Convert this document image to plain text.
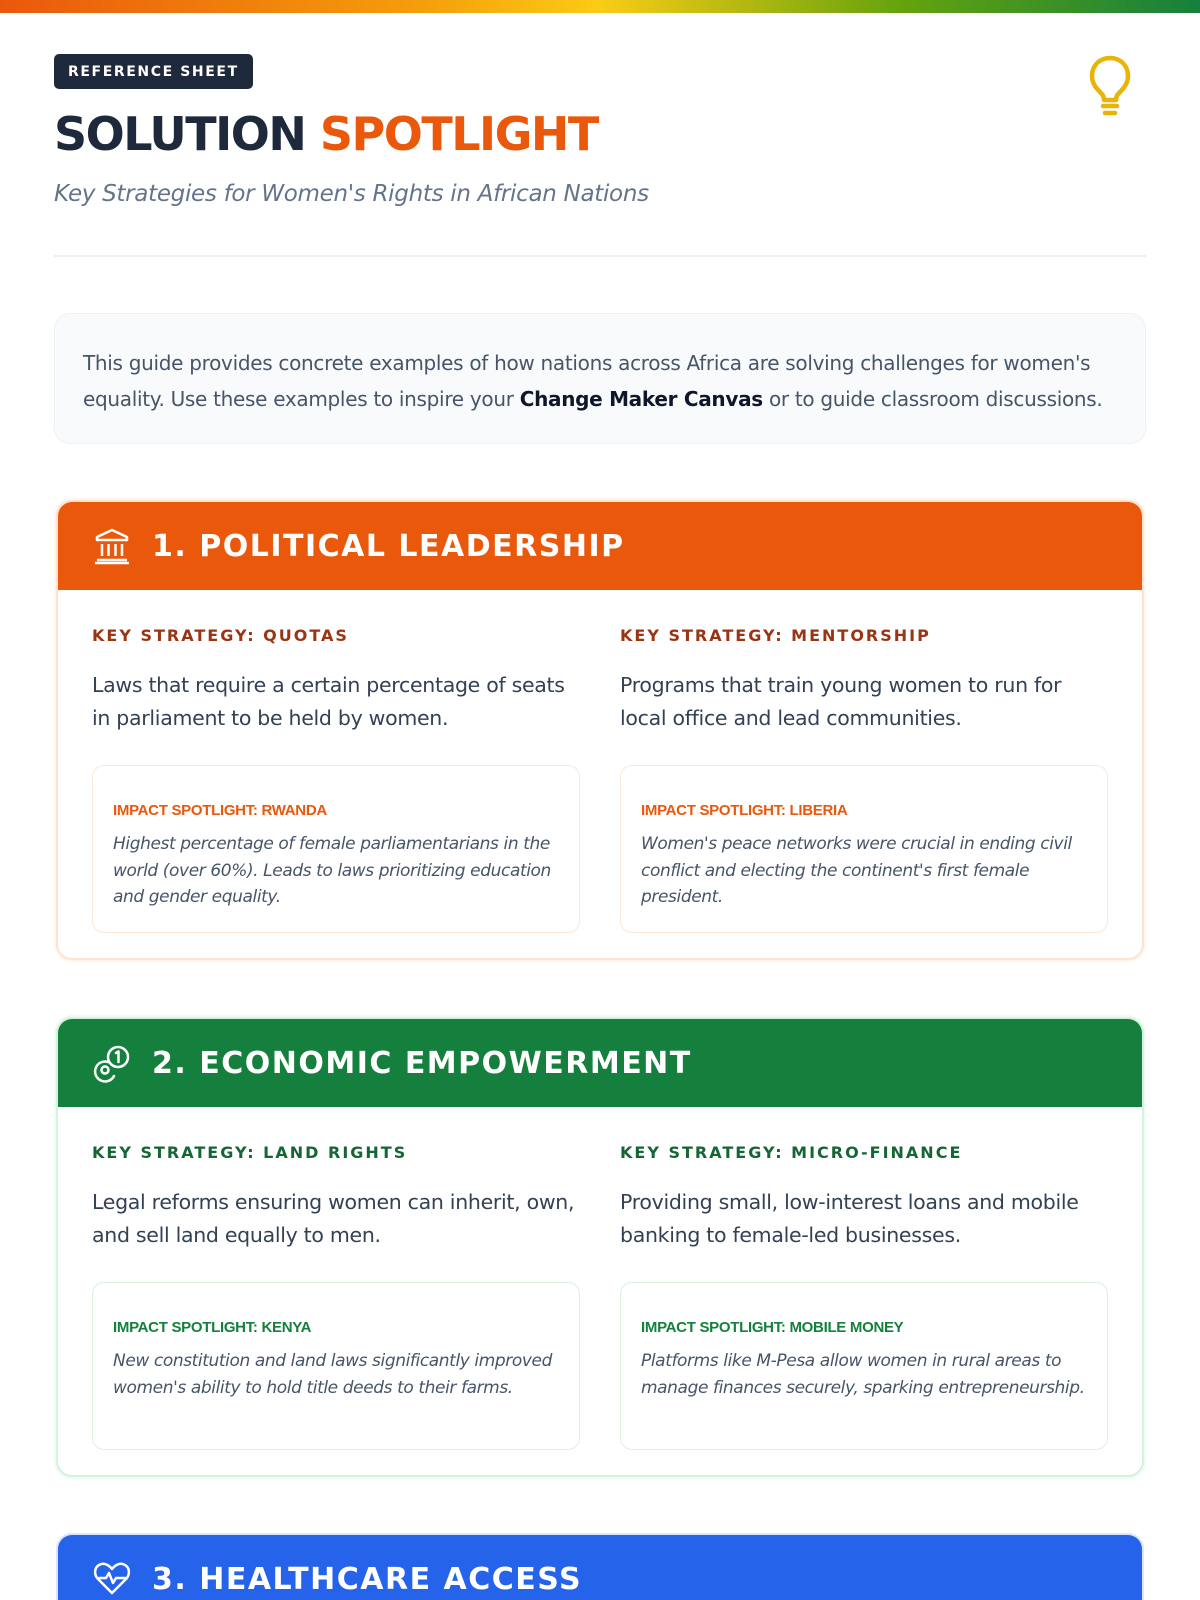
REFERENCE SHEET
SOLUTION SPOTLIGHT
Key Strategies for Women's Rights in African Nations
This guide provides concrete examples of how nations across Africa are solving challenges for women's equality. Use these examples to inspire your Change Maker Canvas or to guide classroom discussions.
1. POLITICAL LEADERSHIP
KEY STRATEGY: QUOTAS
Laws that require a certain percentage of seats in parliament to be held by women.
IMPACT SPOTLIGHT: RWANDA
Highest percentage of female parliamentarians in the world (over 60%). Leads to laws prioritizing education and gender equality.
KEY STRATEGY: MENTORSHIP
Programs that train young women to run for local office and lead communities.
IMPACT SPOTLIGHT: LIBERIA
Women's peace networks were crucial in ending civil conflict and electing the continent's first female president.
2. ECONOMIC EMPOWERMENT
KEY STRATEGY: LAND RIGHTS
Legal reforms ensuring women can inherit, own, and sell land equally to men.
IMPACT SPOTLIGHT: KENYA
New constitution and land laws significantly improved women's ability to hold title deeds to their farms.
KEY STRATEGY: MICRO-FINANCE
Providing small, low-interest loans and mobile banking to female-led businesses.
IMPACT SPOTLIGHT: MOBILE MONEY
Platforms like M-Pesa allow women in rural areas to manage finances securely, sparking entrepreneurship.
3. HEALTHCARE ACCESS
